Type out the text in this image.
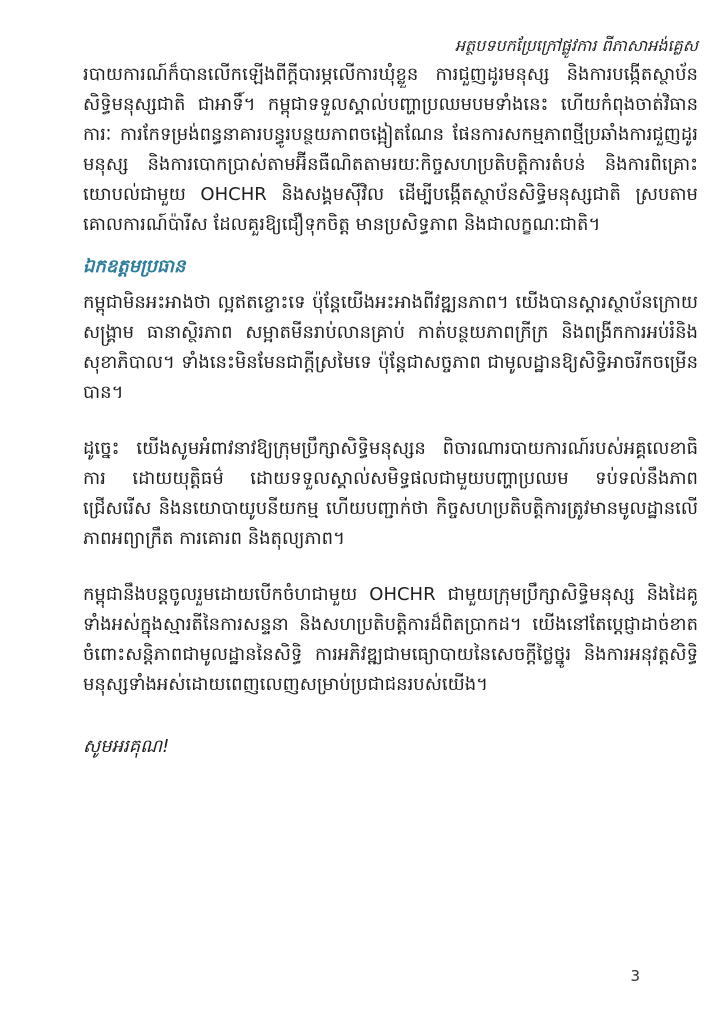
អត្ថបទបកប្រែក្រៅផ្លូវការ ពីភាសាអង់គ្លេស

របាយការណ៍ក៏បានលើកឡើងពីក្ដីបារម្ភលើការឃុំខ្លួន ការជួញដូរមនុស្ស និងការបង្កើតស្ថាប័នសិទ្ធិមនុស្សជាតិ ជាអាទិ៍។ កម្ពុជាទទួលស្គាល់បញ្ហាប្រឈមបមទាំងនេះ ហើយកំពុងចាត់វិធានការៈ ការកែទម្រង់ពន្ធនាគារបន្ធូរបន្ថយភាពចង្អៀតណែន ផែនការសកម្មភាពថ្មីប្រឆាំងការជួញដូរមនុស្ស និងការបោកប្រាស់តាមអ៊ីនធឺណិតតាមរយៈកិច្ចសហប្រតិបត្តិការតំបន់ និងការពិគ្រោះយោបល់ជាមួយ OHCHR និងសង្គមស៊ីវិល ដើម្បីបង្កើតស្ថាប័នសិទ្ធិមនុស្សជាតិ ស្របតាមគោលការណ៍ប៉ារីស ដែលគួរឱ្យជឿទុកចិត្ត មានប្រសិទ្ធភាព និងជាលក្ខណៈជាតិ។

ឯកឧត្តមប្រធាន

កម្ពុជាមិនអះអាងថា ល្អឥតខ្ចោះទេ ប៉ុន្តែយើងអះអាងពីវឌ្ឍនភាព។ យើងបានស្ដារស្ថាប័នក្រោយសង្គ្រាម ធានាស្ថិរភាព សម្អាតមីនរាប់លានគ្រាប់ កាត់បន្ថយភាពក្រីក្រ និងពង្រីកការអប់រំនិងសុខាភិបាល។ ទាំងនេះមិនមែនជាក្ដីស្រមៃទេ ប៉ុន្តែជាសច្ចភាព ជាមូលដ្ឋានឱ្យសិទ្ធិអាចរីកចម្រើនបាន។

ដូច្នេះ យើងសូមអំពាវនាវឱ្យក្រុមប្រឹក្សាសិទ្ធិមនុស្សន ពិចារណារបាយការណ៍របស់អគ្គលេខាធិការ ដោយយុត្តិធម៌ ដោយទទួលស្គាល់សមិទ្ធផលជាមួយបញ្ហាប្រឈម ទប់ទល់នឹងភាពជ្រើសរើស និងនយោបាយូបនីយកម្ម ហើយបញ្ជាក់ថា កិច្ចសហប្រតិបត្តិការត្រូវមានមូលដ្ឋានលើភាពអព្យាក្រឹត ការគោរព និងតុល្យភាព។

កម្ពុជានឹងបន្តចូលរួមដោយបើកចំហជាមួយ OHCHR ជាមួយក្រុមប្រឹក្សាសិទ្ធិមនុស្ស និងដៃគូទាំងអស់ក្នុងស្មារតីនៃការសន្ទនា និងសហប្រតិបត្តិការដ៏ពិតប្រាកដ។ យើងនៅតែប្ដេជ្ញាដាច់ខាតចំពោះសន្តិភាពជាមូលដ្ឋាននៃសិទ្ធិ ការអភិវឌ្ឍជាមធ្យោបាយនៃសេចក្ដីថ្លៃថ្នូរ និងការអនុវត្តសិទ្ធិមនុស្សទាំងអស់ដោយពេញលេញសម្រាប់ប្រជាជនរបស់យើង។

សូមអរគុណ!

3
